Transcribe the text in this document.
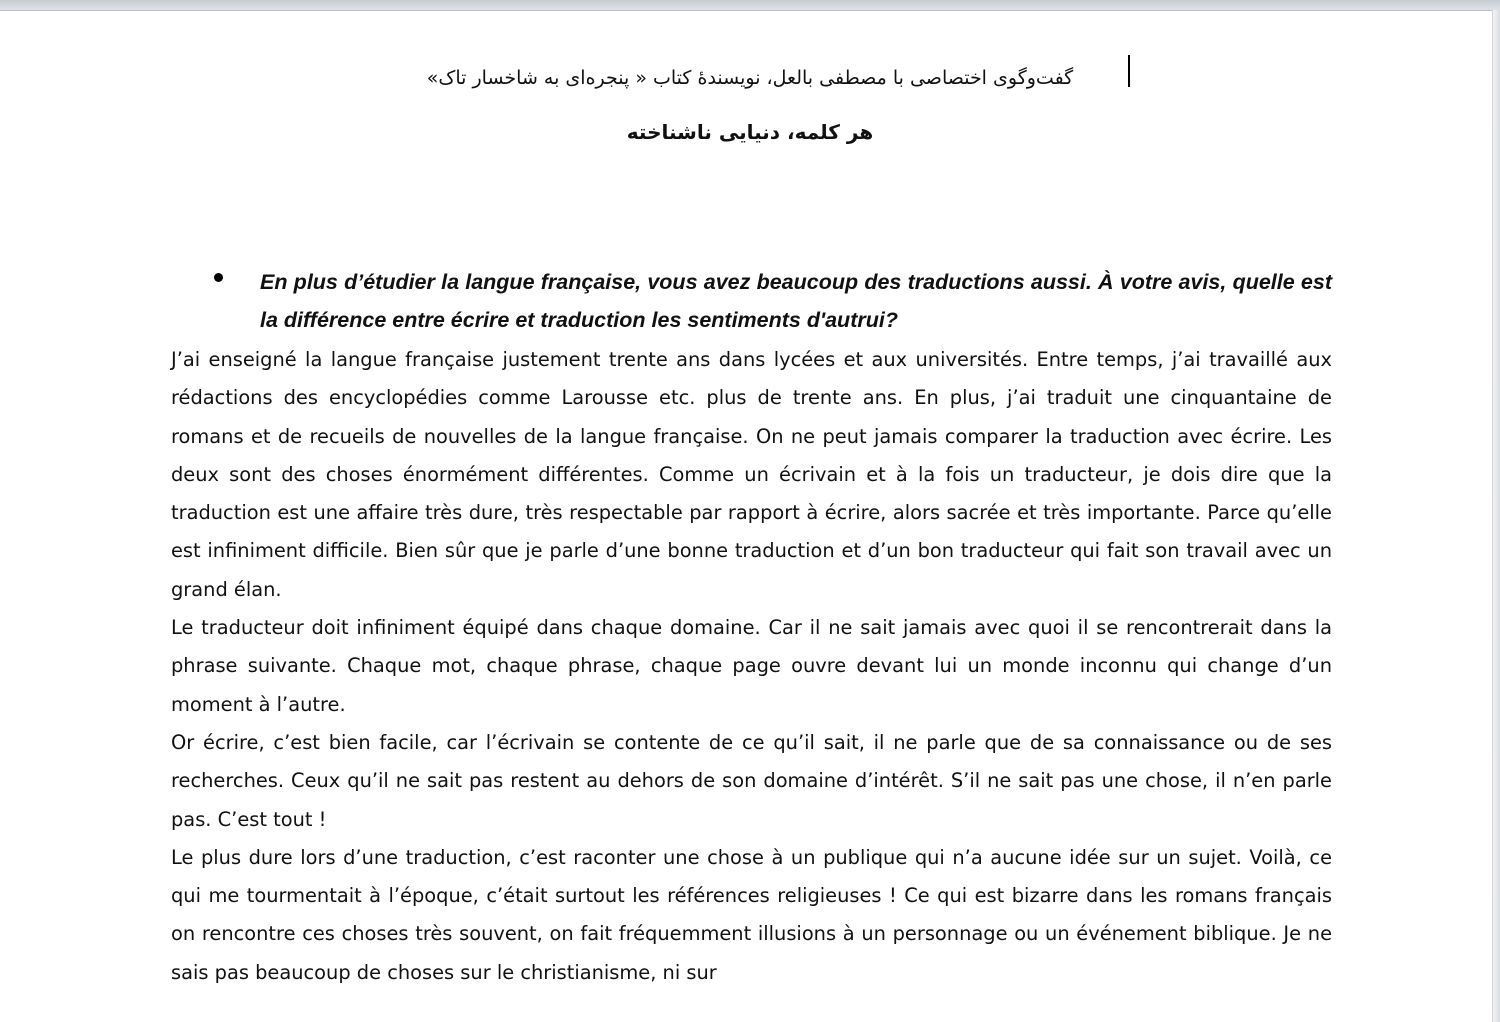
گفت‌وگوی اختصاصی با مصطفی بالعل، نویسندهٔ کتاب « پنجره‌ای به شاخسار تاک»
هر کلمه، دنیایی ناشناخته
En plus d’étudier la langue française, vous avez beaucoup des traductions aussi. À votre avis, quelle est la différence entre écrire et traduction les sentiments d'autrui?

J’ai enseigné la langue française justement trente ans dans lycées et aux universités. Entre temps, j’ai travaillé aux rédactions des encyclopédies comme Larousse etc. plus de trente ans. En plus, j’ai traduit une cinquantaine de romans et de recueils de nouvelles de la langue française. On ne peut jamais comparer la traduction avec écrire. Les deux sont des choses énormément différentes. Comme un écrivain et à la fois un traducteur, je dois dire que la traduction est une affaire très dure, très respectable par rapport à écrire, alors sacrée et très importante. Parce qu’elle est infiniment difficile. Bien sûr que je parle d’une bonne traduction et d’un bon traducteur qui fait son travail avec un grand élan.

Le traducteur doit infiniment équipé dans chaque domaine. Car il ne sait jamais avec quoi il se rencontrerait dans la phrase suivante. Chaque mot, chaque phrase, chaque page ouvre devant lui un monde inconnu qui change d’un moment à l’autre.

Or écrire, c’est bien facile, car l’écrivain se contente de ce qu’il sait, il ne parle que de sa connaissance ou de ses recherches. Ceux qu’il ne sait pas restent au dehors de son domaine d’intérêt. S’il ne sait pas une chose, il n’en parle pas. C’est tout !

Le plus dure lors d’une traduction, c’est raconter une chose à un publique qui n’a aucune idée sur un sujet. Voilà, ce qui me tourmentait à l’époque, c’était surtout les références religieuses ! Ce qui est bizarre dans les romans français on rencontre ces choses très souvent, on fait fréquemment illusions à un personnage ou un événement biblique. Je ne sais pas beaucoup de choses sur le christianisme, ni sur
